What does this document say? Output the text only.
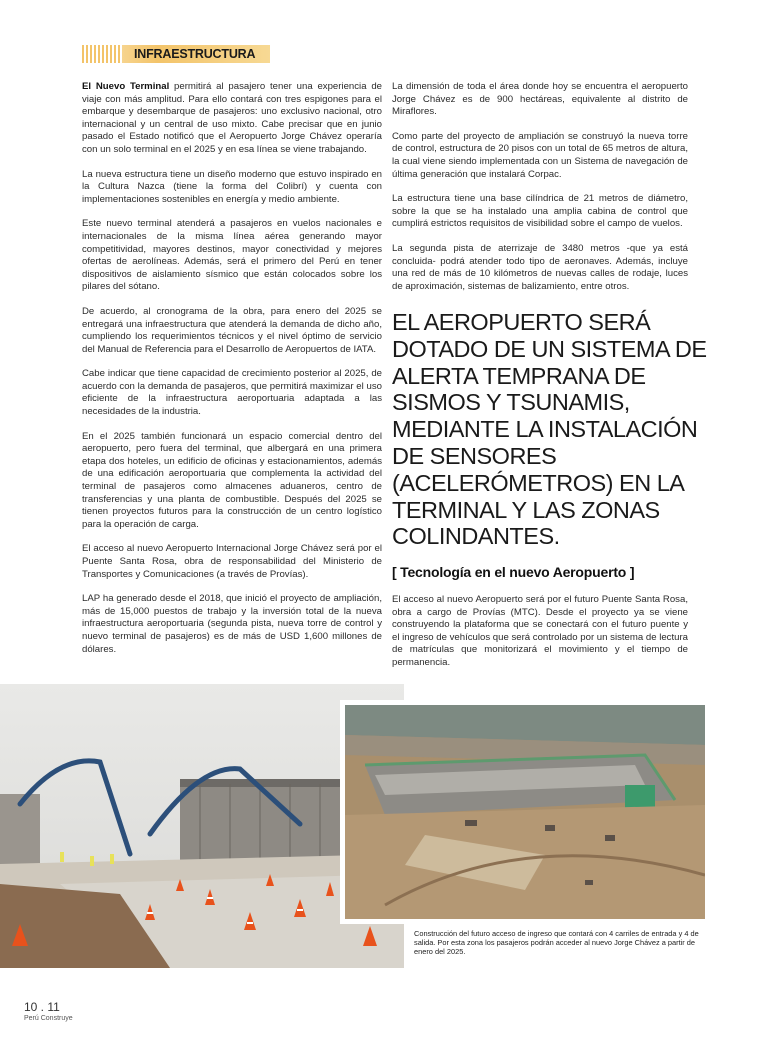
INFRAESTRUCTURA

El Nuevo Terminal permitirá al pasajero tener una experiencia de viaje con más amplitud. Para ello contará con tres espigones para el embarque y desembarque de pasajeros: uno exclusivo nacional, otro internacional y un central de uso mixto. Cabe precisar que en junio pasado el Estado notificó que el Aeropuerto Jorge Chávez operaría con un solo terminal en el 2025 y en esa línea se viene trabajando.

La nueva estructura tiene un diseño moderno que estuvo inspirado en la Cultura Nazca (tiene la forma del Colibrí) y cuenta con implementaciones sostenibles en energía y medio ambiente.

Este nuevo terminal atenderá a pasajeros en vuelos nacionales e internacionales de la misma línea aérea generando mayor competitividad, mayores destinos, mayor conectividad y mejores ofertas de aerolíneas. Además, será el primero del Perú en tener dispositivos de aislamiento sísmico que están colocados sobre los pilares del sótano.

De acuerdo, al cronograma de la obra, para enero del 2025 se entregará una infraestructura que atenderá la demanda de dicho año, cumpliendo los requerimientos técnicos y el nivel óptimo de servicio del Manual de Referencia para el Desarrollo de Aeropuertos de IATA.

Cabe indicar que tiene capacidad de crecimiento posterior al 2025, de acuerdo con la demanda de pasajeros, que permitirá maximizar el uso eficiente de la infraestructura aeroportuaria adaptada a las necesidades de la industria.

En el 2025 también funcionará un espacio comercial dentro del aeropuerto, pero fuera del terminal, que albergará en una primera etapa dos hoteles, un edificio de oficinas y estacionamientos, además de una edificación aeroportuaria que complementa la actividad del terminal de pasajeros como almacenes aduaneros, centro de transferencias y una planta de combustible. Después del 2025 se tienen proyectos futuros para la construcción de un centro logístico para la operación de carga.

El acceso al nuevo Aeropuerto Internacional Jorge Chávez será por el Puente Santa Rosa, obra de responsabilidad del Ministerio de Transportes y Comunicaciones (a través de Provías).

LAP ha generado desde el 2018, que inició el proyecto de ampliación, más de 15,000 puestos de trabajo y la inversión total de la nueva infraestructura aeroportuaria (segunda pista, nueva torre de control y nuevo terminal de pasajeros) es de más de USD 1,600 millones de dólares.

La dimensión de toda el área donde hoy se encuentra el aeropuerto Jorge Chávez es de 900 hectáreas, equivalente al distrito de Miraflores.

Como parte del proyecto de ampliación se construyó la nueva torre de control, estructura de 20 pisos con un total de 65 metros de altura, la cual viene siendo implementada con un Sistema de navegación de última generación que instalará Corpac.

La estructura tiene una base cilíndrica de 21 metros de diámetro, sobre la que se ha instalado una amplia cabina de control que cumplirá estrictos requisitos de visibilidad sobre el campo de vuelos.

La segunda pista de aterrizaje de 3480 metros -que ya está concluida- podrá atender todo tipo de aeronaves. Además, incluye una red de más de 10 kilómetros de nuevas calles de rodaje, luces de aproximación, sistemas de balizamiento, entre otros.

EL AEROPUERTO SERÁ DOTADO DE UN SISTEMA DE ALERTA TEMPRANA DE SISMOS Y TSUNAMIS, MEDIANTE LA INSTALACIÓN DE SENSORES (ACELERÓMETROS) EN LA TERMINAL Y LAS ZONAS COLINDANTES.
[ Tecnología en el nuevo Aeropuerto ]

El acceso al nuevo Aeropuerto será por el futuro Puente Santa Rosa, obra a cargo de Provías (MTC). Desde el proyecto ya se viene construyendo la plataforma que se conectará con el futuro puente y el ingreso de vehículos que será controlado por un sistema de lectura de matrículas que monitorizará el movimiento y el tiempo de permanencia.

Construcción del futuro acceso de ingreso que contará con 4 carriles de entrada y 4 de salida. Por esta zona los pasajeros podrán acceder al nuevo Jorge Chávez a partir de enero del 2025.
10 . 11
Perú Construye
